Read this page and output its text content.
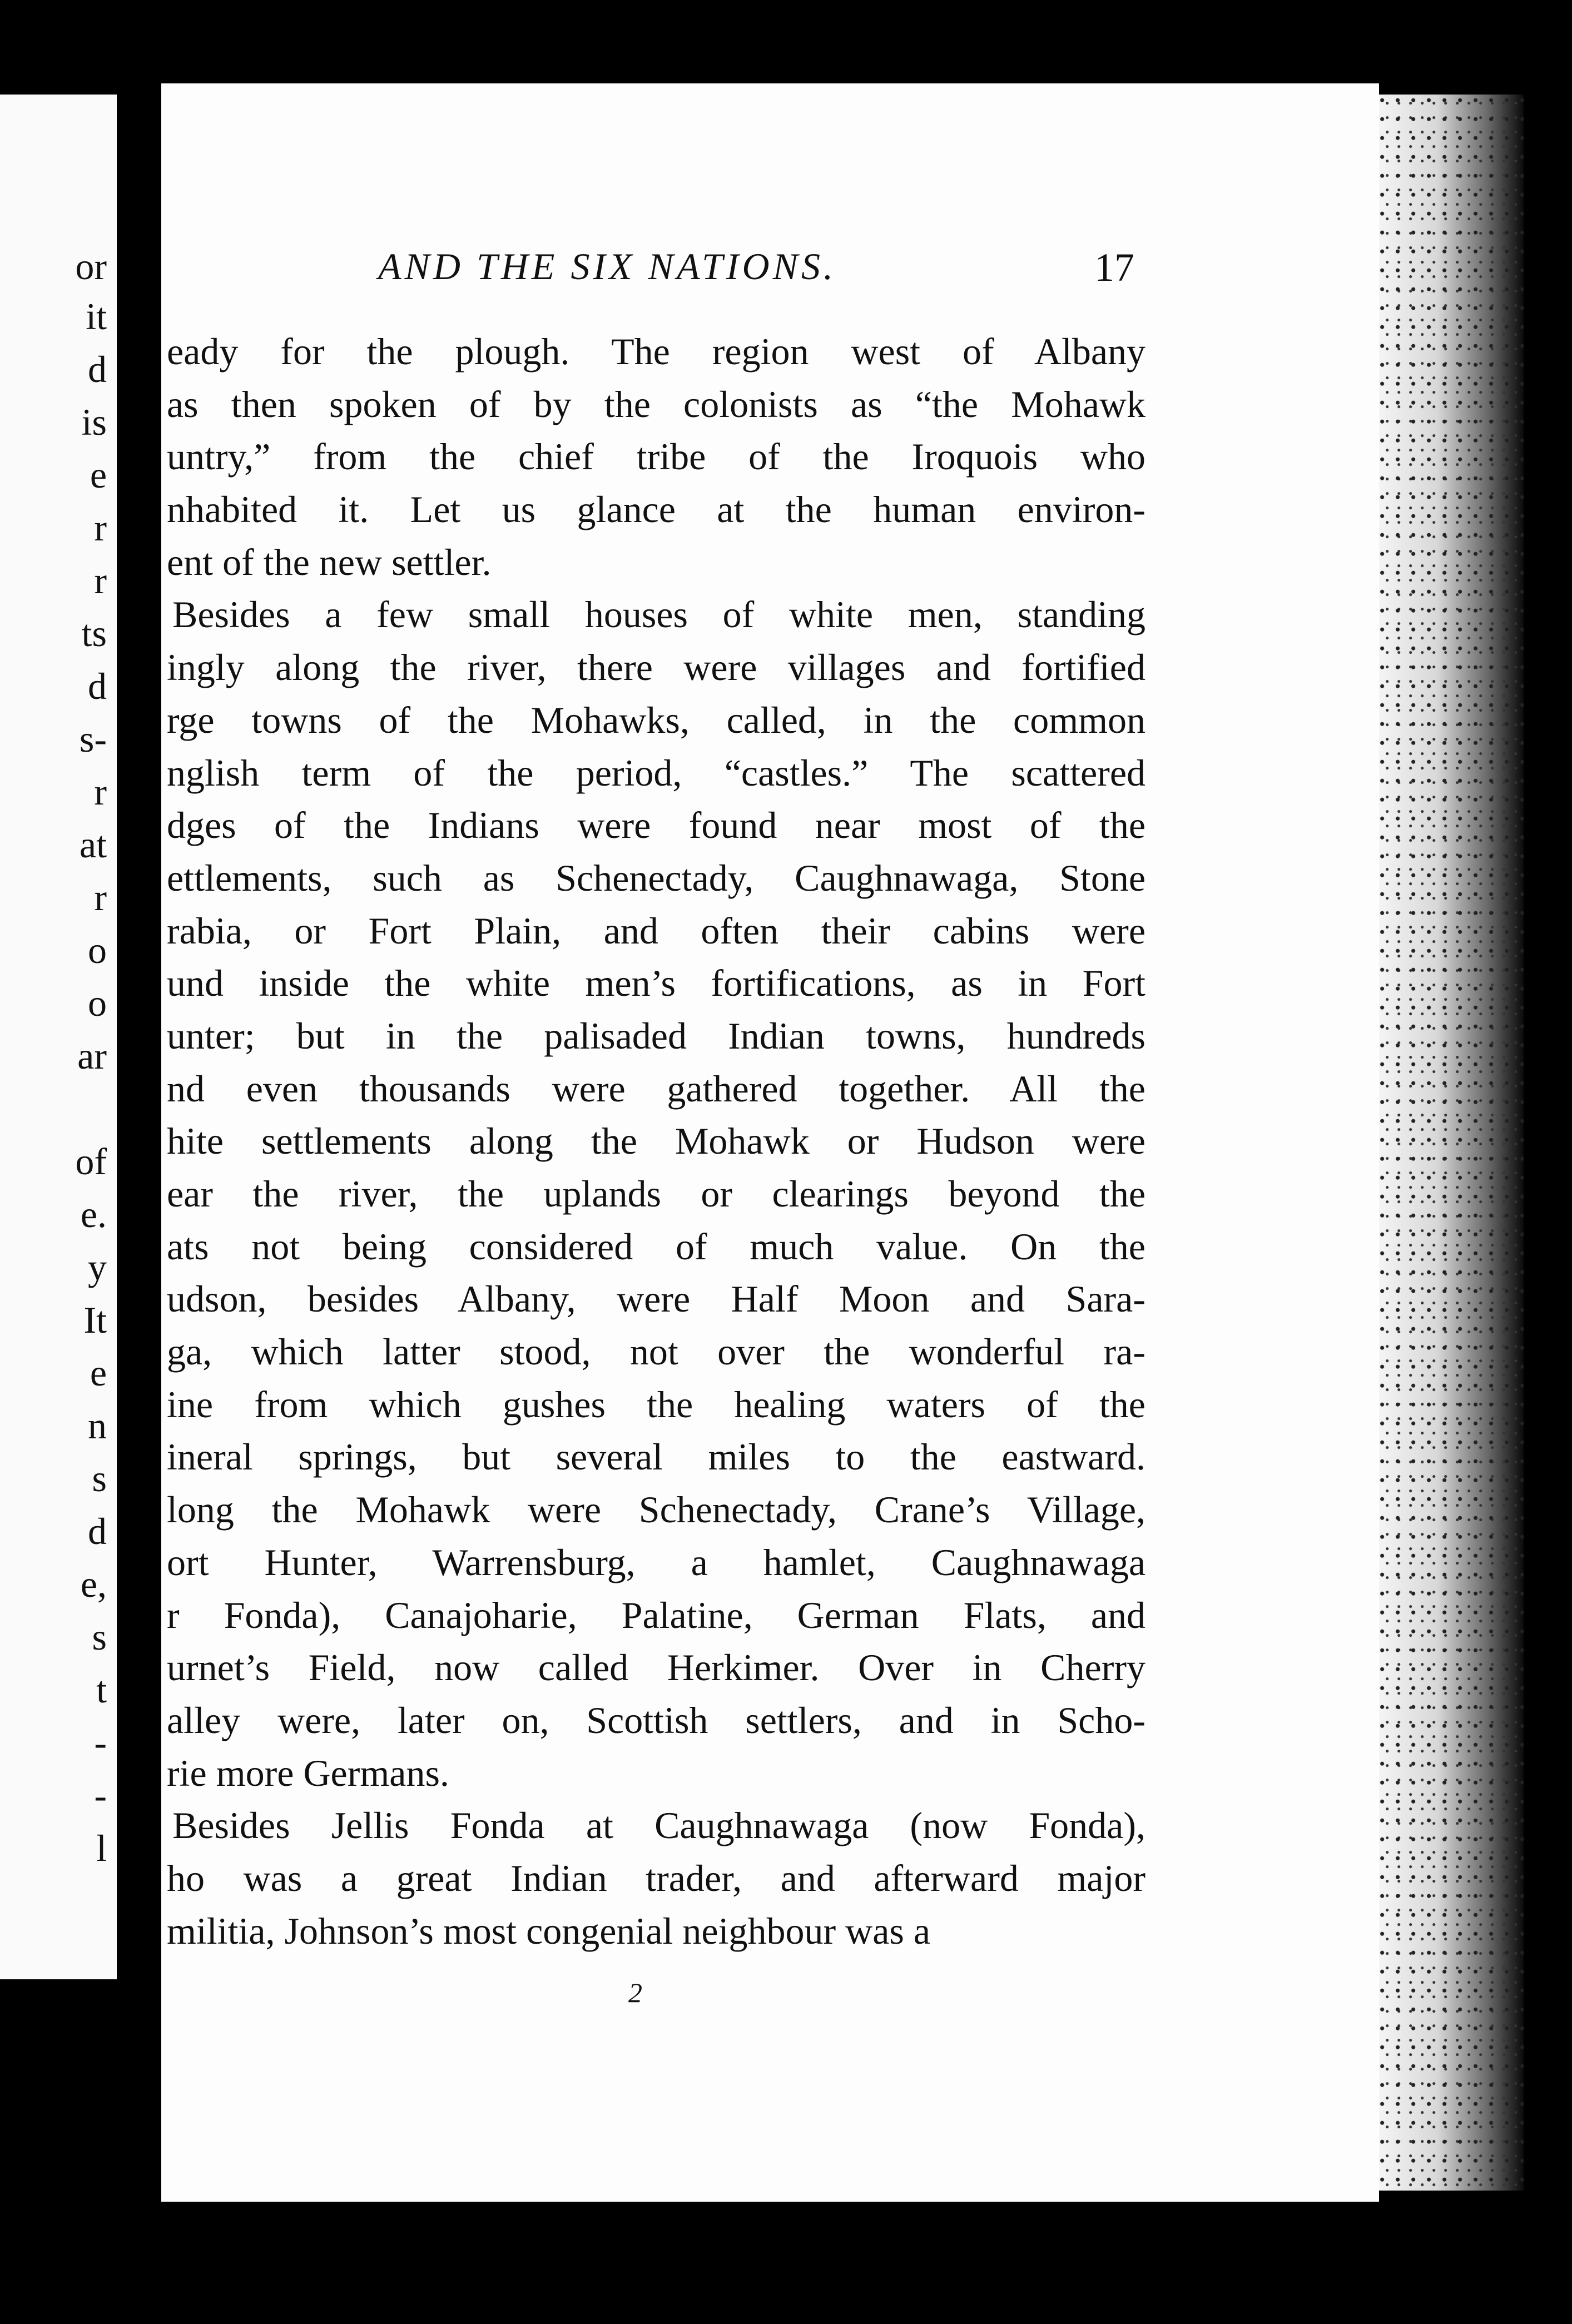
or
it
d
is
e
r
r
ts
d
s-
r
at
r
o
o
ar
of
e.
y
It
e
n
s
d
e,
s
t
-
-
l
AND THE SIX NATIONS.	17
eady for the plough. The region west of Albany
as then spoken of by the colonists as “the Mohawk
untry,” from the chief tribe of the Iroquois who
nhabited it. Let us glance at the human environ-
ent of the new settler.
Besides a few small houses of white men, standing
ingly along the river, there were villages and fortified
rge towns of the Mohawks, called, in the common
nglish term of the period, “castles.” The scattered
dges of the Indians were found near most of the
ettlements, such as Schenectady, Caughnawaga, Stone
rabia, or Fort Plain, and often their cabins were
und inside the white men’s fortifications, as in Fort
unter; but in the palisaded Indian towns, hundreds
nd even thousands were gathered together. All the
hite settlements along the Mohawk or Hudson were
ear the river, the uplands or clearings beyond the
ats not being considered of much value. On the
udson, besides Albany, were Half Moon and Sara-
ga, which latter stood, not over the wonderful ra-
ine from which gushes the healing waters of the
ineral springs, but several miles to the eastward.
long the Mohawk were Schenectady, Crane’s Village,
ort Hunter, Warrensburg, a hamlet, Caughnawaga
r Fonda), Canajoharie, Palatine, German Flats, and
urnet’s Field, now called Herkimer. Over in Cherry
alley were, later on, Scottish settlers, and in Scho-
rie more Germans.
Besides Jellis Fonda at Caughnawaga (now Fonda),
ho was a great Indian trader, and afterward major
militia, Johnson’s most congenial neighbour was a
2
